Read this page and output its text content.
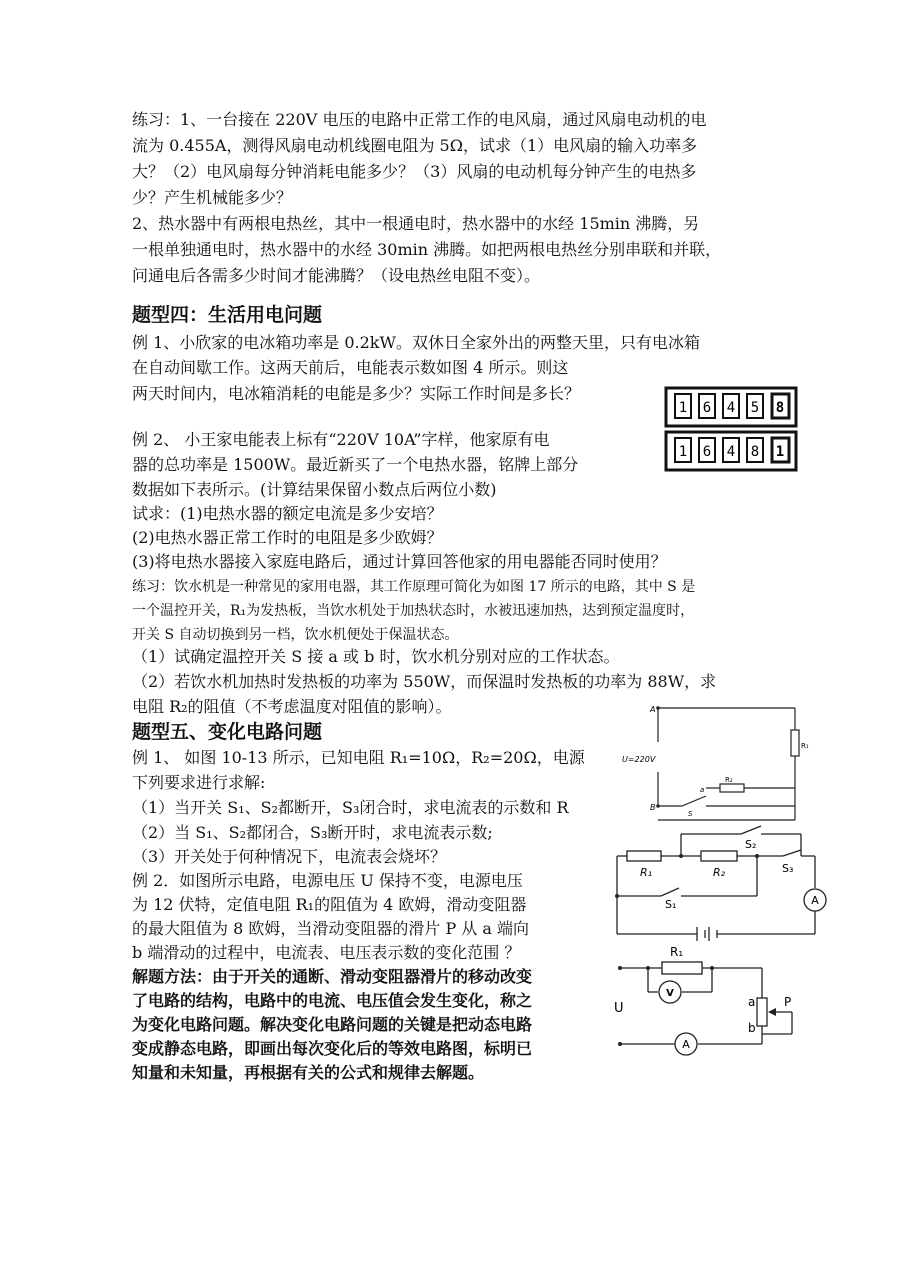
练习：1、一台接在 220V 电压的电路中正常工作的电风扇，通过风扇电动机的电
流为 0.455A，测得风扇电动机线圈电阻为 5Ω，试求（1）电风扇的输入功率多
大？（2）电风扇每分钟消耗电能多少？（3）风扇的电动机每分钟产生的电热多
少？产生机械能多少？
2、热水器中有两根电热丝，其中一根通电时，热水器中的水经 15min 沸腾，另
一根单独通电时，热水器中的水经 30min 沸腾。如把两根电热丝分别串联和并联，
问通电后各需多少时间才能沸腾？（设电热丝电阻不变）。
题型四：生活用电问题
例 1、小欣家的电冰箱功率是 0.2kW。双休日全家外出的两整天里，只有电冰箱
在自动间歇工作。这两天前后，电能表示数如图 4 所示。则这
两天时间内，电冰箱消耗的电能是多少？实际工作时间是多长？
例 2、 小王家电能表上标有“220V 10A”字样，他家原有电
器的总功率是 1500W。最近新买了一个电热水器，铭牌上部分
数据如下表所示。(计算结果保留小数点后两位小数)
试求：(1)电热水器的额定电流是多少安培？
(2)电热水器正常工作时的电阻是多少欧姆？
(3)将电热水器接入家庭电路后，通过计算回答他家的用电器能否同时使用？
练习：饮水机是一种常见的家用电器，其工作原理可简化为如图 17 所示的电路，其中 S 是
一个温控开关，R₁为发热板，当饮水机处于加热状态时，水被迅速加热，达到预定温度时，
开关 S 自动切换到另一档，饮水机便处于保温状态。
（1）试确定温控开关 S 接 a 或 b 时，饮水机分别对应的工作状态。
（2）若饮水机加热时发热板的功率为 550W，而保温时发热板的功率为 88W，求
电阻 R₂的阻值（不考虑温度对阻值的影响）。
题型五、变化电路问题
例 1、 如图 10-13 所示，已知电阻 R₁=10Ω，R₂=20Ω，电源
下列要求进行求解:
（1）当开关 S₁、S₂都断开，S₃闭合时，求电流表的示数和 R
（2）当 S₁、S₂都闭合，S₃断开时，求电流表示数;
（3）开关处于何种情况下，电流表会烧坏？
例 2．如图所示电路，电源电压 U 保持不变，电源电压
为 12 伏特，定值电阻 R₁的阻值为 4 欧姆，滑动变阻器
的最大阻值为 8 欧姆，当滑动变阻器的滑片 P 从 a 端向
b 端滑动的过程中，电流表、电压表示数的变化范围 ？
解题方法：由于开关的通断、滑动变阻器滑片的移动改变
了电路的结构，电路中的电流、电压值会发生变化，称之
为变化电路问题。解决变化电路问题的关键是把动态电路
变成静态电路，即画出每次变化后的等效电路图，标明已
知量和未知量，再根据有关的公式和规律去解题。
1 6 4 5 8
1 6 4 8 1
A
B
U=220V
R₁
R₂
a
S
R₁	R₂
S₁
S₂
S₃
A
R₁
U
V
A
a
b
P
